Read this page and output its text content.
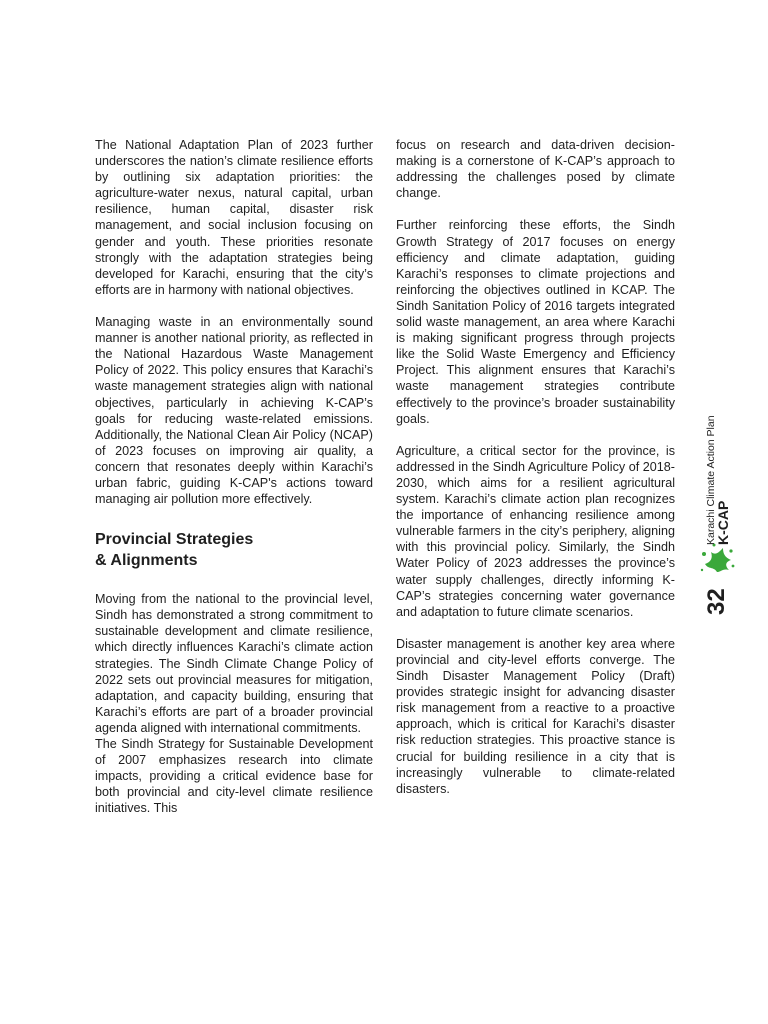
The National Adaptation Plan of 2023 further underscores the nation’s climate resilience efforts by outlining six adaptation priorities: the agriculture-water nexus, natural capital, urban resilience, human capital, disaster risk management, and social inclusion focusing on gender and youth. These priorities resonate strongly with the adaptation strategies being developed for Karachi, ensuring that the city’s efforts are in harmony with national objectives.

Managing waste in an environmentally sound manner is another national priority, as reflected in the National Hazardous Waste Management Policy of 2022. This policy ensures that Karachi’s waste management strategies align with national objectives, particularly in achieving K-CAP’s goals for reducing waste-related emissions. Additionally, the National Clean Air Policy (NCAP) of 2023 focuses on improving air quality, a concern that resonates deeply within Karachi’s urban fabric, guiding K-CAP's actions toward managing air pollution more effectively.

Provincial Strategies
& Alignments

Moving from the national to the provincial level, Sindh has demonstrated a strong commitment to sustainable development and climate resilience, which directly influences Karachi’s climate action strategies. The Sindh Climate Change Policy of 2022 sets out provincial measures for mitigation, adaptation, and capacity building, ensuring that Karachi’s efforts are part of a broader provincial agenda aligned with international commitments.

The Sindh Strategy for Sustainable Development of 2007 emphasizes research into climate impacts, providing a critical evidence base for both provincial and city-level climate resilience initiatives. This

focus on research and data-driven decision-making is a cornerstone of K-CAP’s approach to addressing the challenges posed by climate change.

Further reinforcing these efforts, the Sindh Growth Strategy of 2017 focuses on energy efficiency and climate adaptation, guiding Karachi’s responses to climate projections and reinforcing the objectives outlined in KCAP. The Sindh Sanitation Policy of 2016 targets integrated solid waste management, an area where Karachi is making significant progress through projects like the Solid Waste Emergency and Efficiency Project. This alignment ensures that Karachi’s waste management strategies contribute effectively to the province’s broader sustainability goals.

Agriculture, a critical sector for the province, is addressed in the Sindh Agriculture Policy of 2018-2030, which aims for a resilient agricultural system. Karachi’s climate action plan recognizes the importance of enhancing resilience among vulnerable farmers in the city’s periphery, aligning with this provincial policy. Similarly, the Sindh Water Policy of 2023 addresses the province’s water supply challenges, directly informing K-CAP’s strategies concerning water governance and adaptation to future climate scenarios.

Disaster management is another key area where provincial and city-level efforts converge. The Sindh Disaster Management Policy (Draft) provides strategic insight for advancing disaster risk management from a reactive to a proactive approach, which is critical for Karachi’s disaster risk reduction strategies. This proactive stance is crucial for building resilience in a city that is increasingly vulnerable to climate-related disasters.

32
K-CAP
Karachi Climate Action Plan
